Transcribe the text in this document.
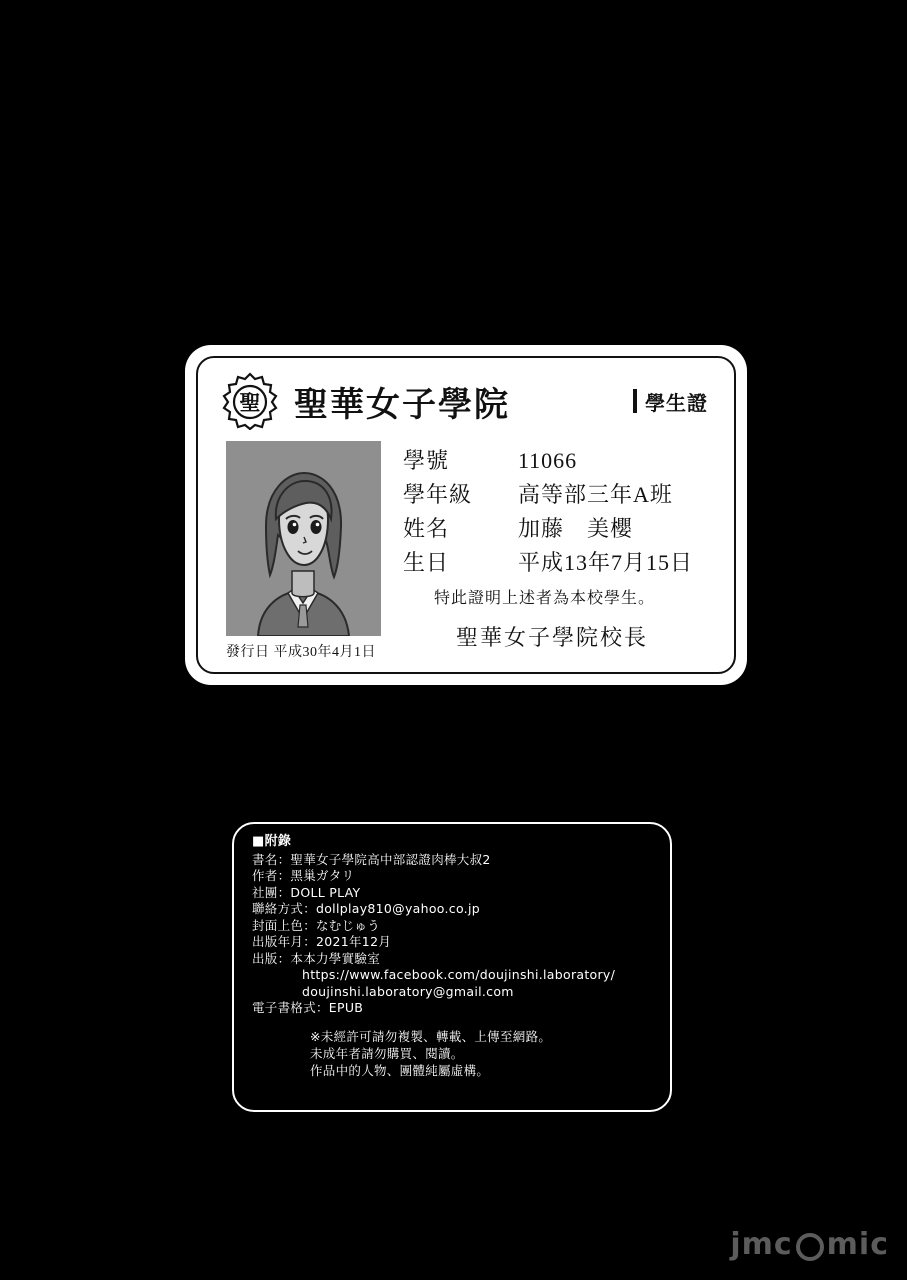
聖 聖華女子學院	學生證
學號	11066
學年級	高等部三年A班
姓名	加藤　美櫻
生日	平成13年7月15日
特此證明上述者為本校學生。
聖華女子學院校長
發行日 平成30年4月1日
■附錄
書名：聖華女子學院高中部認證肉棒大叔2
作者：黑巢ガタリ
社團：DOLL PLAY
聯絡方式：dollplay810@yahoo.co.jp
封面上色：なむじゅう
出版年月：2021年12月
出版：本本力學實驗室
https://www.facebook.com/doujinshi.laboratory/
doujinshi.laboratory@gmail.com
電子書格式：EPUB
※未經許可請勿複製、轉載、上傳至網路。
未成年者請勿購買、閱讀。
作品中的人物、團體純屬虛構。
jmc mic
